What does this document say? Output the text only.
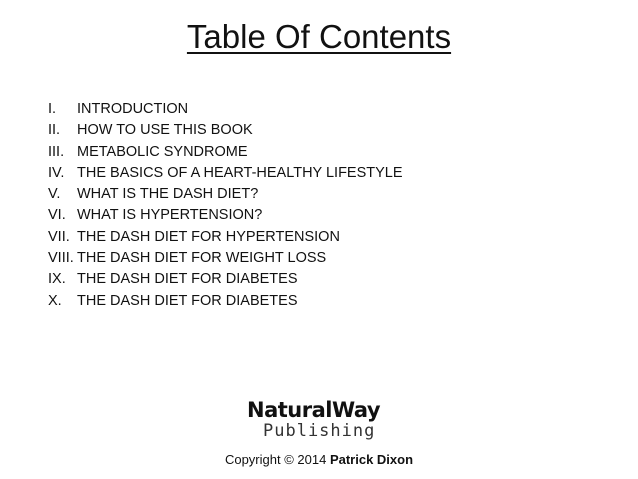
Table Of Contents
I.	INTRODUCTION
II.	HOW TO USE THIS BOOK
III. METABOLIC SYNDROME
IV. THE BASICS OF A HEART-HEALTHY LIFESTYLE
V.	WHAT IS THE DASH DIET?
VI. WHAT IS HYPERTENSION?
VII. THE DASH DIET FOR HYPERTENSION
VIII. THE DASH DIET FOR WEIGHT LOSS
IX. THE DASH DIET FOR DIABETES
X.	THE DASH DIET FOR DIABETES
NaturalWay
Publishing
Copyright © 2014 Patrick Dixon
